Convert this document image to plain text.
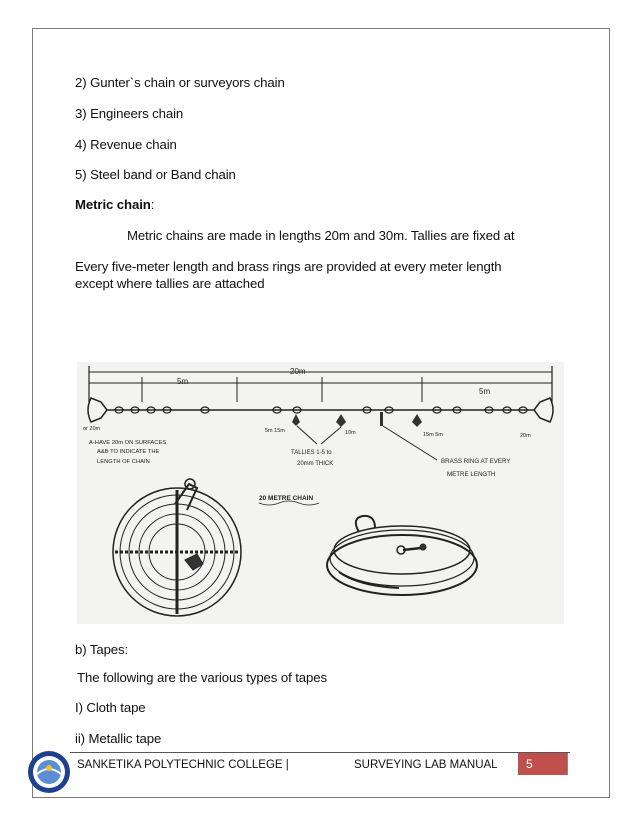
2) Gunter`s chain or surveyors chain
3) Engineers chain
4) Revenue chain
5) Steel band or Band chain
Metric chain:
Metric chains are made in lengths 20m and 30m. Tallies are fixed at
Every five-meter length and brass rings are provided at every meter length
except where tallies are attached
20m
5m
5m
or 20m
20m
5m 15m	10m	15m 5m
A-HAVE 20m ON SURFACES
A&B TO INDICATE THE
LENGTH OF CHAIN
TALLIES 1-5 to
20mm THICK	BRASS RING AT EVERY
METRE LENGTH
20 METRE CHAIN
b) Tapes:
The following are the various types of tapes
I) Cloth tape
ii) Metallic tape
SANKETIKA POLYTECHNIC COLLEGE |	SURVEYING LAB MANUAL 5
